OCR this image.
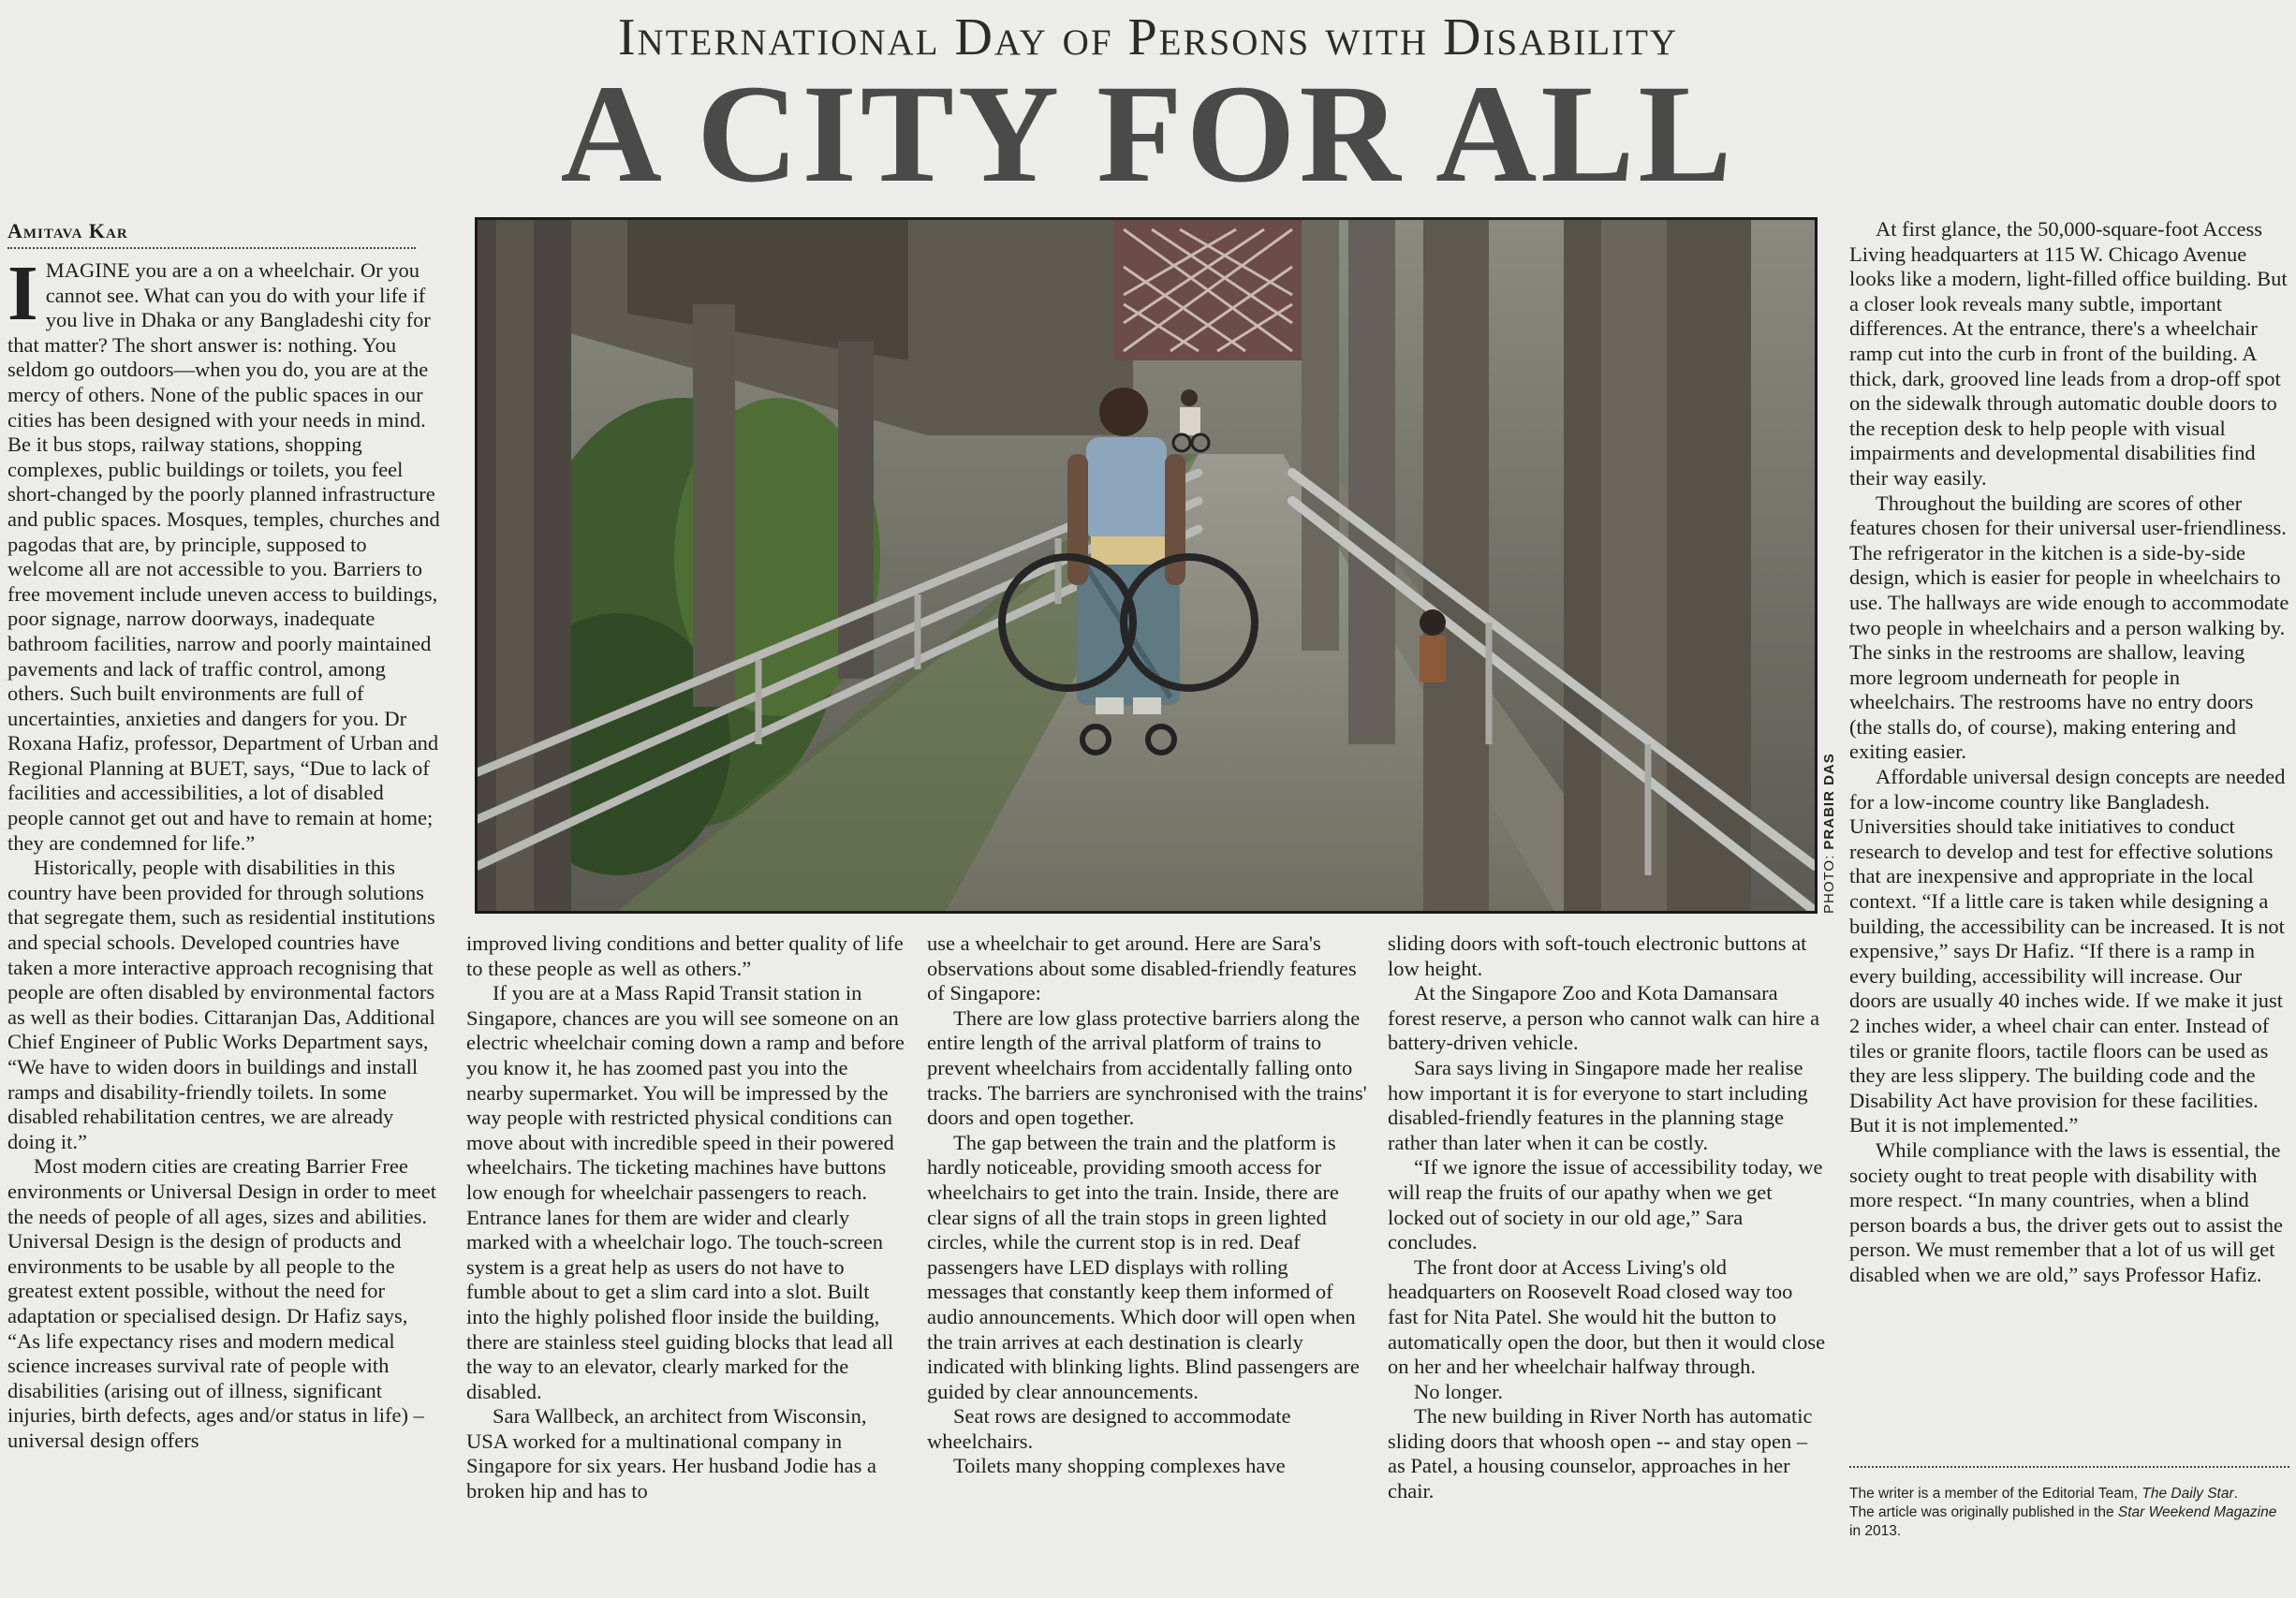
International Day of Persons with Disability
A CITY FOR ALL
Amitava Kar

IMAGINE you are a on a wheelchair. Or you cannot see. What can you do with your life if you live in Dhaka or any Bangladeshi city for that matter? The short answer is: nothing. You seldom go outdoors—when you do, you are at the mercy of others. None of the public spaces in our cities has been designed with your needs in mind. Be it bus stops, railway stations, shopping complexes, public buildings or toilets, you feel short-changed by the poorly planned infrastructure and public spaces. Mosques, temples, churches and pagodas that are, by principle, supposed to welcome all are not accessible to you. Barriers to free movement include uneven access to buildings, poor signage, narrow doorways, inadequate bathroom facilities, narrow and poorly maintained pavements and lack of traffic control, among others. Such built environments are full of uncertainties, anxieties and dangers for you. Dr Roxana Hafiz, professor, Department of Urban and Regional Planning at BUET, says, “Due to lack of facilities and accessibilities, a lot of disabled people cannot get out and have to remain at home; they are condemned for life.”

Historically, people with disabilities in this country have been provided for through solutions that segregate them, such as residential institutions and special schools. Developed countries have taken a more interactive approach recognising that people are often disabled by environmental factors as well as their bodies. Cittaranjan Das, Additional Chief Engineer of Public Works Department says, “We have to widen doors in buildings and install ramps and disability-friendly toilets. In some disabled rehabilitation centres, we are already doing it.”

Most modern cities are creating Barrier Free environments or Universal Design in order to meet the needs of people of all ages, sizes and abilities. Universal Design is the design of products and environments to be usable by all people to the greatest extent possible, without the need for adaptation or specialised design. Dr Hafiz says, “As life expectancy rises and modern medical science increases survival rate of people with disabilities (arising out of illness, significant injuries, birth defects, ages and/or status in life) – universal design offers

PHOTO: PRABIR DAS

improved living conditions and better quality of life to these people as well as others.”

If you are at a Mass Rapid Transit station in Singapore, chances are you will see someone on an electric wheelchair coming down a ramp and before you know it, he has zoomed past you into the nearby supermarket. You will be impressed by the way people with restricted physical conditions can move about with incredible speed in their powered wheelchairs. The ticketing machines have buttons low enough for wheelchair passengers to reach. Entrance lanes for them are wider and clearly marked with a wheelchair logo. The touch-screen system is a great help as users do not have to fumble about to get a slim card into a slot. Built into the highly polished floor inside the building, there are stainless steel guiding blocks that lead all the way to an elevator, clearly marked for the disabled.

Sara Wallbeck, an architect from Wisconsin, USA worked for a multinational company in Singapore for six years. Her husband Jodie has a broken hip and has to

use a wheelchair to get around. Here are Sara's observations about some disabled-friendly features of Singapore:

There are low glass protective barriers along the entire length of the arrival platform of trains to prevent wheelchairs from accidentally falling onto tracks. The barriers are synchronised with the trains' doors and open together.

The gap between the train and the platform is hardly noticeable, providing smooth access for wheelchairs to get into the train. Inside, there are clear signs of all the train stops in green lighted circles, while the current stop is in red. Deaf passengers have LED displays with rolling messages that constantly keep them informed of audio announcements. Which door will open when the train arrives at each destination is clearly indicated with blinking lights. Blind passengers are guided by clear announcements.

Seat rows are designed to accommodate wheelchairs.

Toilets many shopping complexes have

sliding doors with soft-touch electronic buttons at low height.

At the Singapore Zoo and Kota Damansara forest reserve, a person who cannot walk can hire a battery-driven vehicle.

Sara says living in Singapore made her realise how important it is for everyone to start including disabled-friendly features in the planning stage rather than later when it can be costly.

“If we ignore the issue of accessibility today, we will reap the fruits of our apathy when we get locked out of society in our old age,” Sara concludes.

The front door at Access Living's old headquarters on Roosevelt Road closed way too fast for Nita Patel. She would hit the button to automatically open the door, but then it would close on her and her wheelchair halfway through.

No longer.

The new building in River North has automatic sliding doors that whoosh open -- and stay open – as Patel, a housing counselor, approaches in her chair.

At first glance, the 50,000-square-foot Access Living headquarters at 115 W. Chicago Avenue looks like a modern, light-filled office building. But a closer look reveals many subtle, important differences. At the entrance, there's a wheelchair ramp cut into the curb in front of the building. A thick, dark, grooved line leads from a drop-off spot on the sidewalk through automatic double doors to the reception desk to help people with visual impairments and developmental disabilities find their way easily.

Throughout the building are scores of other features chosen for their universal user-friendliness. The refrigerator in the kitchen is a side-by-side design, which is easier for people in wheelchairs to use. The hallways are wide enough to accommodate two people in wheelchairs and a person walking by. The sinks in the restrooms are shallow, leaving more legroom underneath for people in wheelchairs. The restrooms have no entry doors (the stalls do, of course), making entering and exiting easier.

Affordable universal design concepts are needed for a low-income country like Bangladesh. Universities should take initiatives to conduct research to develop and test for effective solutions that are inexpensive and appropriate in the local context. “If a little care is taken while designing a building, the accessibility can be increased. It is not expensive,” says Dr Hafiz. “If there is a ramp in every building, accessibility will increase. Our doors are usually 40 inches wide. If we make it just 2 inches wider, a wheel chair can enter. Instead of tiles or granite floors, tactile floors can be used as they are less slippery. The building code and the Disability Act have provision for these facilities. But it is not implemented.”

While compliance with the laws is essential, the society ought to treat people with disability with more respect. “In many countries, when a blind person boards a bus, the driver gets out to assist the person. We must remember that a lot of us will get disabled when we are old,” says Professor Hafiz.

The writer is a member of the Editorial Team, The Daily Star.
The article was originally published in the Star Weekend Magazine in 2013.
